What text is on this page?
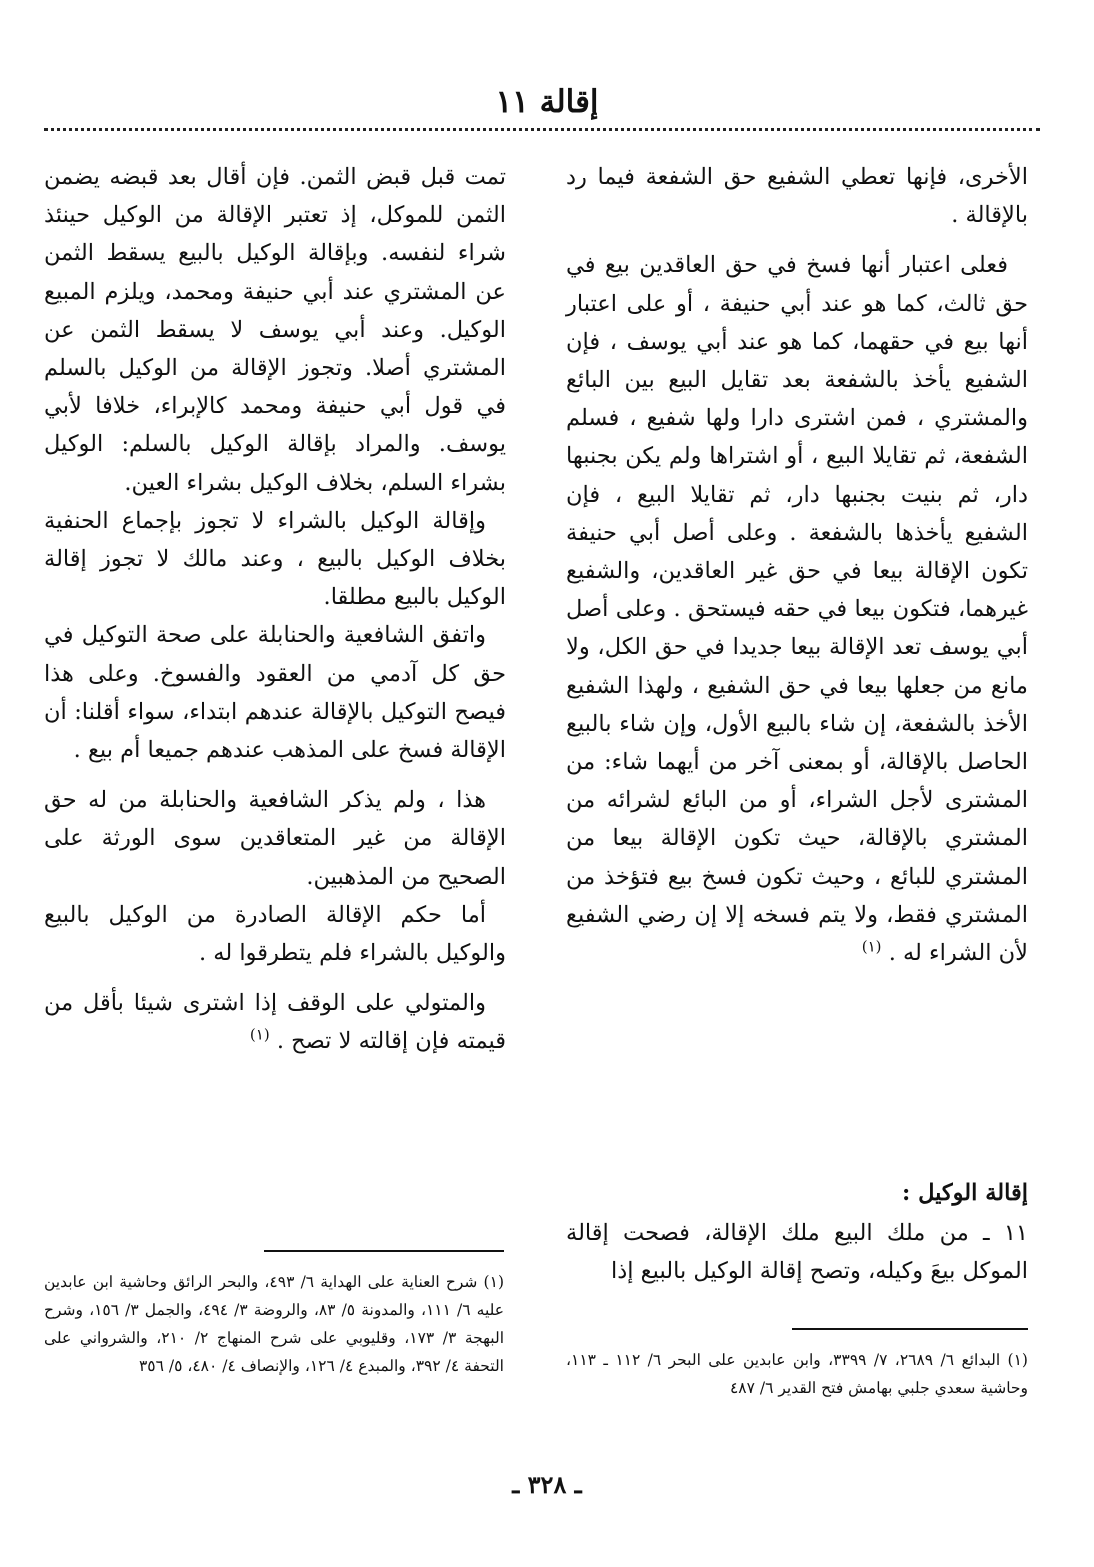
إقالة ١١

الأخرى، فإنها تعطي الشفيع حق الشفعة فيما رد بالإقالة .

فعلى اعتبار أنها فسخ في حق العاقدين بيع في حق ثالث، كما هو عند أبي حنيفة ، أو على اعتبار أنها بيع في حقهما، كما هو عند أبي يوسف ، فإن الشفيع يأخذ بالشفعة بعد تقايل البيع بين البائع والمشتري ، فمن اشترى دارا ولها شفيع ، فسلم الشفعة، ثم تقايلا البيع ، أو اشتراها ولم يكن بجنبها دار، ثم بنيت بجنبها دار، ثم تقايلا البيع ، فإن الشفيع يأخذها بالشفعة . وعلى أصل أبي حنيفة تكون الإقالة بيعا في حق غير العاقدين، والشفيع غيرهما، فتكون بيعا في حقه فيستحق . وعلى أصل أبي يوسف تعد الإقالة بيعا جديدا في حق الكل، ولا مانع من جعلها بيعا في حق الشفيع ، ولهذا الشفيع الأخذ بالشفعة، إن شاء بالبيع الأول، وإن شاء بالبيع الحاصل بالإقالة، أو بمعنى آخر من أيهما شاء: من المشترى لأجل الشراء، أو من البائع لشرائه من المشتري بالإقالة، حيث تكون الإقالة بيعا من المشتري للبائع ، وحيث تكون فسخ بيع فتؤخذ من المشتري فقط، ولا يتم فسخه إلا إن رضي الشفيع لأن الشراء له . $^{(١)}$

إقالة الوكيل :
١١ ـ من ملك البيع ملك الإقالة، فصحت إقالة الموكل بيعَ وكيله، وتصح إقالة الوكيل بالبيع إذا

تمت قبل قبض الثمن. فإن أقال بعد قبضه يضمن الثمن للموكل، إذ تعتبر الإقالة من الوكيل حينئذ شراء لنفسه. وبإقالة الوكيل بالبيع يسقط الثمن عن المشتري عند أبي حنيفة ومحمد، ويلزم المبيع الوكيل. وعند أبي يوسف لا يسقط الثمن عن المشتري أصلا. وتجوز الإقالة من الوكيل بالسلم في قول أبي حنيفة ومحمد كالإبراء، خلافا لأبي يوسف. والمراد بإقالة الوكيل بالسلم: الوكيل بشراء السلم، بخلاف الوكيل بشراء العين.

وإقالة الوكيل بالشراء لا تجوز بإجماع الحنفية بخلاف الوكيل بالبيع ، وعند مالك لا تجوز إقالة الوكيل بالبيع مطلقا.

واتفق الشافعية والحنابلة على صحة التوكيل في حق كل آدمي من العقود والفسوخ. وعلى هذا فيصح التوكيل بالإقالة عندهم ابتداء، سواء أقلنا: أن الإقالة فسخ على المذهب عندهم جميعا أم بيع .

هذا ، ولم يذكر الشافعية والحنابلة من له حق الإقالة من غير المتعاقدين سوى الورثة على الصحيح من المذهبين.

أما حكم الإقالة الصادرة من الوكيل بالبيع والوكيل بالشراء فلم يتطرقوا له .

والمتولي على الوقف إذا اشترى شيئا بأقل من قيمته فإن إقالته لا تصح . $^{(١)}$

(١) البدائع ٦/ ٢٦٨٩، ٧/ ٣٣٩٩، وابن عابدين على البحر ٦/ ١١٢ ـ ١١٣، وحاشية سعدي جلبي بهامش فتح القدير ٦/ ٤٨٧
(١) شرح العناية على الهداية ٦/ ٤٩٣، والبحر الرائق وحاشية ابن عابدين عليه ٦/ ١١١، والمدونة ٥/ ٨٣، والروضة ٣/ ٤٩٤، والجمل ٣/ ١٥٦، وشرح البهجة ٣/ ١٧٣، وقليوبي على شرح المنهاج ٢/ ٢١٠، والشرواني على التحفة ٤/ ٣٩٢، والمبدع ٤/ ١٢٦، والإنصاف ٤/ ٤٨٠، ٥/ ٣٥٦
ـ ٣٢٨ ـ
